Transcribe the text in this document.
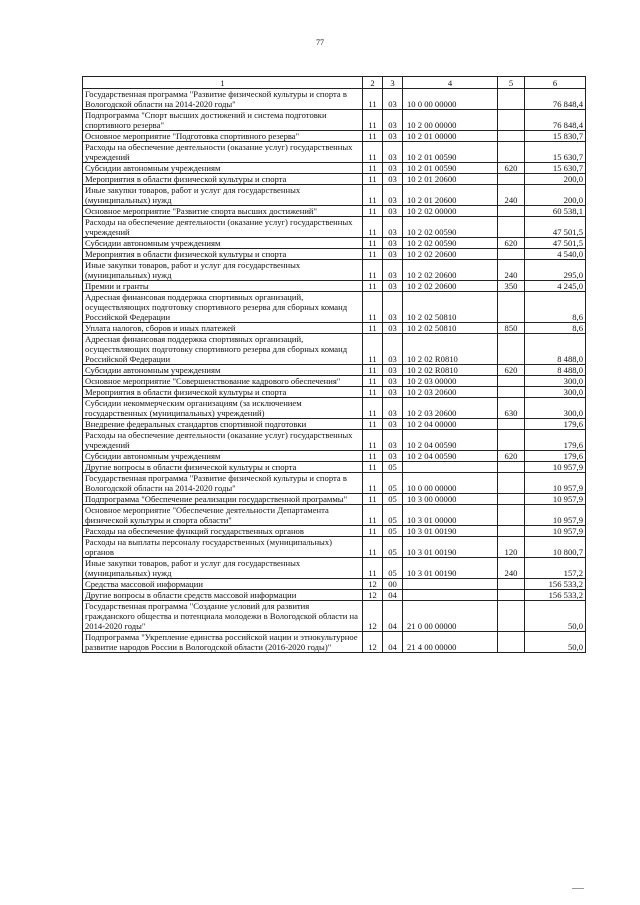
77
1	2	3	4	5	6
Государственная программа "Развитие физической культуры и спорта в Вологодской области на 2014-2020 годы"	11	03	10 0 00 00000		76 848,4
Подпрограмма "Спорт высших достижений и система подготовки спортивного резерва"	11	03	10 2 00 00000		76 848,4
Основное мероприятие "Подготовка спортивного резерва"	11	03	10 2 01 00000		15 830,7
Расходы на обеспечение деятельности (оказание услуг) государственных учреждений	11	03	10 2 01 00590		15 630,7
Субсидии автономным учреждениям	11	03	10 2 01 00590	620	15 630,7
Мероприятия в области физической культуры и спорта	11	03	10 2 01 20600		200,0
Иные закупки товаров, работ и услуг для государственных (муниципальных) нужд	11	03	10 2 01 20600	240	200,0
Основное мероприятие "Развитие спорта высших достижений"	11	03	10 2 02 00000		60 538,1
Расходы на обеспечение деятельности (оказание услуг) государственных учреждений	11	03	10 2 02 00590		47 501,5
Субсидии автономным учреждениям	11	03	10 2 02 00590	620	47 501,5
Мероприятия в области физической культуры и спорта	11	03	10 2 02 20600		4 540,0
Иные закупки товаров, работ и услуг для государственных (муниципальных) нужд	11	03	10 2 02 20600	240	295,0
Премии и гранты	11	03	10 2 02 20600	350	4 245,0
Адресная финансовая поддержка спортивных организаций, осуществляющих подготовку спортивного резерва для сборных команд Российской Федерации	11	03	10 2 02 50810		8,6
Уплата налогов, сборов и иных платежей	11	03	10 2 02 50810	850	8,6
Адресная финансовая поддержка спортивных организаций, осуществляющих подготовку спортивного резерва для сборных команд Российской Федерации	11	03	10 2 02 R0810		8 488,0
Субсидии автономным учреждениям	11	03	10 2 02 R0810	620	8 488,0
Основное мероприятие "Совершенствование кадрового обеспечения"	11	03	10 2 03 00000		300,0
Мероприятия в области физической культуры и спорта	11	03	10 2 03 20600		300,0
Субсидии некоммерческим организациям (за исключением государственных (муниципальных) учреждений)	11	03	10 2 03 20600	630	300,0
Внедрение федеральных стандартов спортивной подготовки	11	03	10 2 04 00000		179,6
Расходы на обеспечение деятельности (оказание услуг) государственных учреждений	11	03	10 2 04 00590		179,6
Субсидии автономным учреждениям	11	03	10 2 04 00590	620	179,6
Другие вопросы в области физической культуры и спорта	11	05			10 957,9
Государственная программа "Развитие физической культуры и спорта в Вологодской области на 2014-2020 годы"	11	05	10 0 00 00000		10 957,9
Подпрограмма "Обеспечение реализации государственной программы"	11	05	10 3 00 00000		10 957,9
Основное мероприятие "Обеспечение деятельности Департамента физической культуры и спорта области"	11	05	10 3 01 00000		10 957,9
Расходы на обеспечение функций государственных органов	11	05	10 3 01 00190		10 957,9
Расходы на выплаты персоналу государственных (муниципальных) органов	11	05	10 3 01 00190	120	10 800,7
Иные закупки товаров, работ и услуг для государственных (муниципальных) нужд	11	05	10 3 01 00190	240	157,2
Средства массовой информации	12	00			156 533,2
Другие вопросы в области средств массовой информации	12	04			156 533,2
Государственная программа "Создание условий для развития гражданского общества и потенциала молодежи в Вологодской области на 2014-2020 годы"	12	04	21 0 00 00000		50,0
Подпрограмма "Укрепление единства российской нации и этнокультурное развитие народов России в Вологодской области (2016-2020 годы)"	12	04	21 4 00 00000		50,0
